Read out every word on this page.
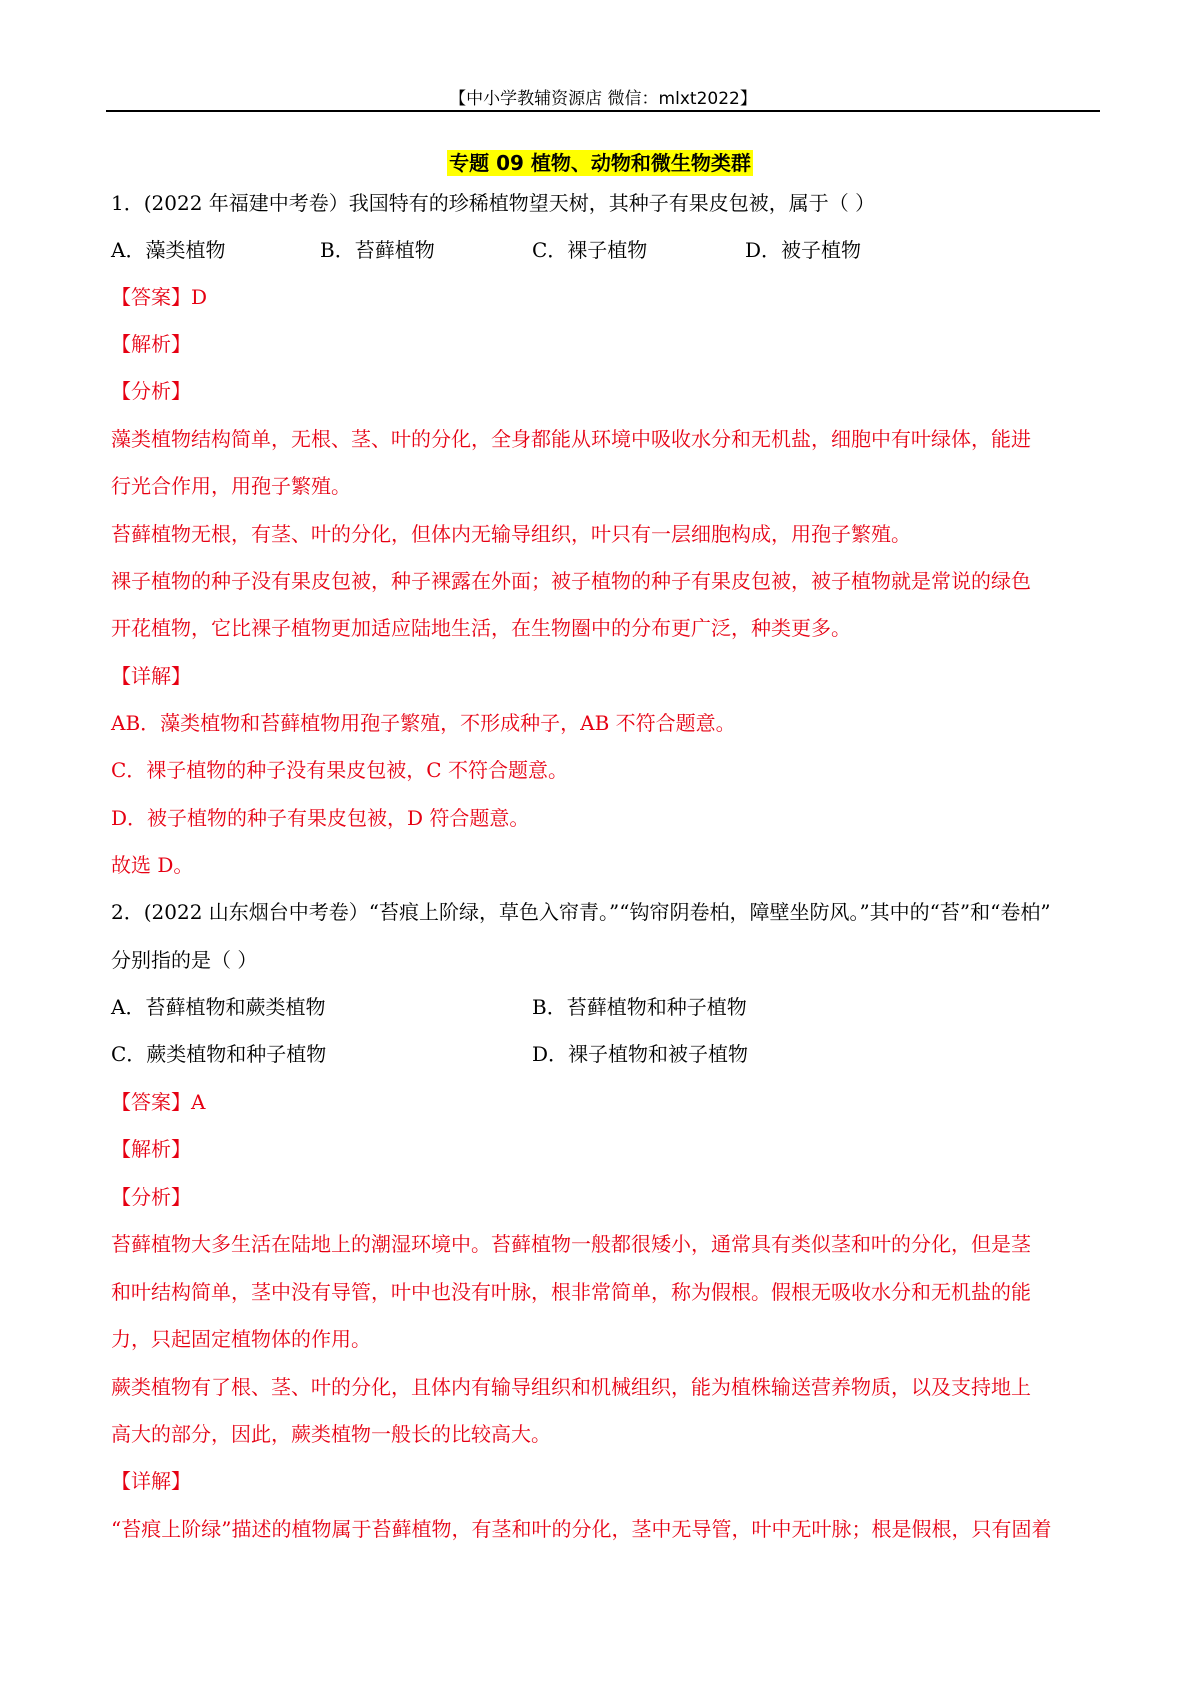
【中小学教辅资源店 微信：mlxt2022】
专题 09 植物、动物和微生物类群
1．(2022 年福建中考卷）我国特有的珍稀植物望天树，其种子有果皮包被，属于（ ）
A．藻类植物	B．苔藓植物	C．裸子植物	D．被子植物
【答案】D
【解析】
【分析】
藻类植物结构简单，无根、茎、叶的分化，全身都能从环境中吸收水分和无机盐，细胞中有叶绿体，能进
行光合作用，用孢子繁殖。
苔藓植物无根，有茎、叶的分化，但体内无输导组织，叶只有一层细胞构成，用孢子繁殖。
裸子植物的种子没有果皮包被，种子裸露在外面；被子植物的种子有果皮包被，被子植物就是常说的绿色
开花植物，它比裸子植物更加适应陆地生活，在生物圈中的分布更广泛，种类更多。
【详解】
AB．藻类植物和苔藓植物用孢子繁殖，不形成种子，AB 不符合题意。
C．裸子植物的种子没有果皮包被，C 不符合题意。
D．被子植物的种子有果皮包被，D 符合题意。
故选 D。
2．(2022 山东烟台中考卷）“苔痕上阶绿，草色入帘青。”“钩帘阴卷柏，障壁坐防风。”其中的“苔”和“卷柏”
分别指的是（ ）
A．苔藓植物和蕨类植物	B．苔藓植物和种子植物
C．蕨类植物和种子植物	D．裸子植物和被子植物
【答案】A
【解析】
【分析】
苔藓植物大多生活在陆地上的潮湿环境中。苔藓植物一般都很矮小，通常具有类似茎和叶的分化，但是茎
和叶结构简单，茎中没有导管，叶中也没有叶脉，根非常简单，称为假根。假根无吸收水分和无机盐的能
力，只起固定植物体的作用。
蕨类植物有了根、茎、叶的分化，且体内有输导组织和机械组织，能为植株输送营养物质，以及支持地上
高大的部分，因此，蕨类植物一般长的比较高大。
【详解】
“苔痕上阶绿”描述的植物属于苔藓植物，有茎和叶的分化，茎中无导管，叶中无叶脉；根是假根，只有固着
